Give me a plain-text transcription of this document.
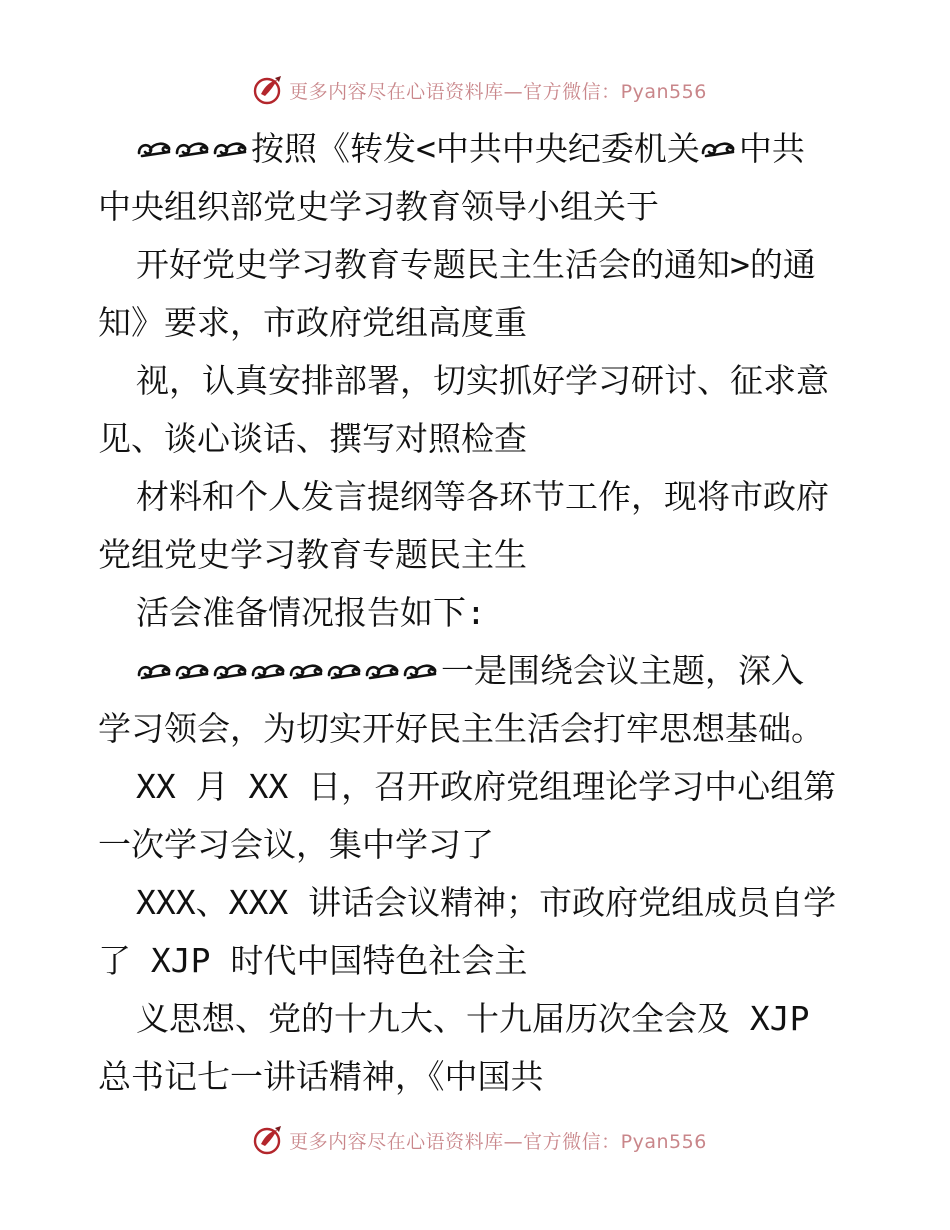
更多内容尽在心语资料库—官方微信：Pyan556
按照《转发<中共中央纪委机关 中共
中央组织部党史学习教育领导小组关于
开好党史学习教育专题民主生活会的通知>的通
知》要求，市政府党组高度重
视，认真安排部署，切实抓好学习研讨、征求意
见、谈心谈话、撰写对照检查
材料和个人发言提纲等各环节工作，现将市政府
党组党史学习教育专题民主生
活会准备情况报告如下:
一是围绕会议主题，深入
学习领会，为切实开好民主生活会打牢思想基础。
XX 月 XX 日，召开政府党组理论学习中心组第
一次学习会议，集中学习了
XXX、XXX 讲话会议精神；市政府党组成员自学
了 XJP 时代中国特色社会主
义思想、党的十九大、十九届历次全会及 XJP
总书记七一讲话精神，《中国共
更多内容尽在心语资料库—官方微信：Pyan556
